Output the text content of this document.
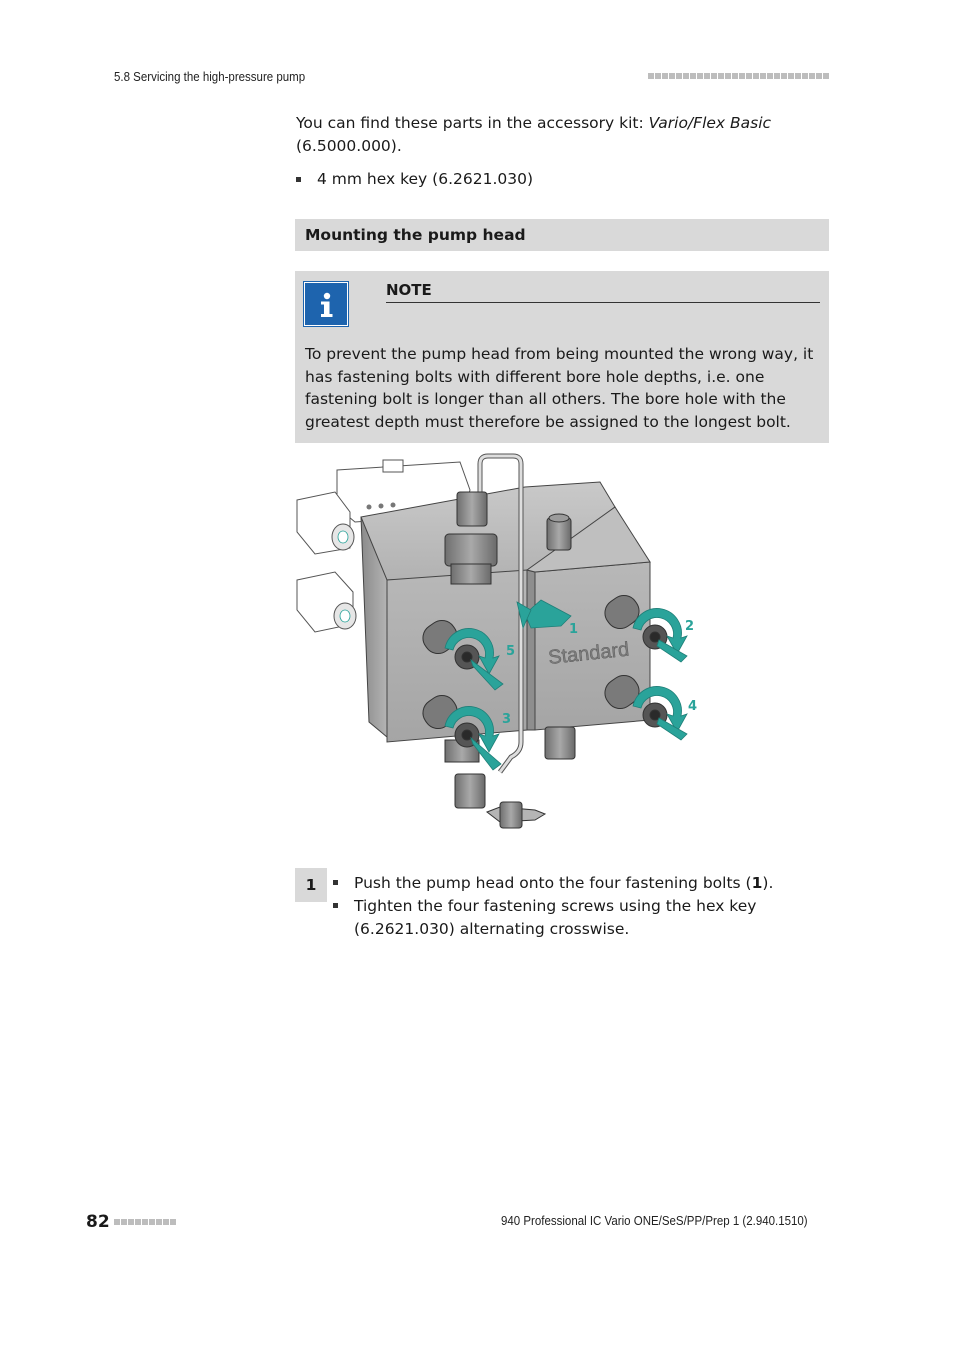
5.8 Servicing the high-pressure pump
You can find these parts in the accessory kit: Vario/Flex Basic
(6.5000.000).
4 mm hex key (6.2621.030)
Mounting the pump head
NOTE
To prevent the pump head from being mounted the wrong way, it has fastening bolts with different bore hole depths, i.e. one fastening bolt is longer than all others. The bore hole with the greatest depth must therefore be assigned to the longest bolt.
Standard
1	2
3
4
5
1	Push the pump head onto the four fastening bolts (1).
Tighten the four fastening screws using the hex key (6.2621.030) alternating crosswise.
82	940 Professional IC Vario ONE/SeS/PP/Prep 1 (2.940.1510)
